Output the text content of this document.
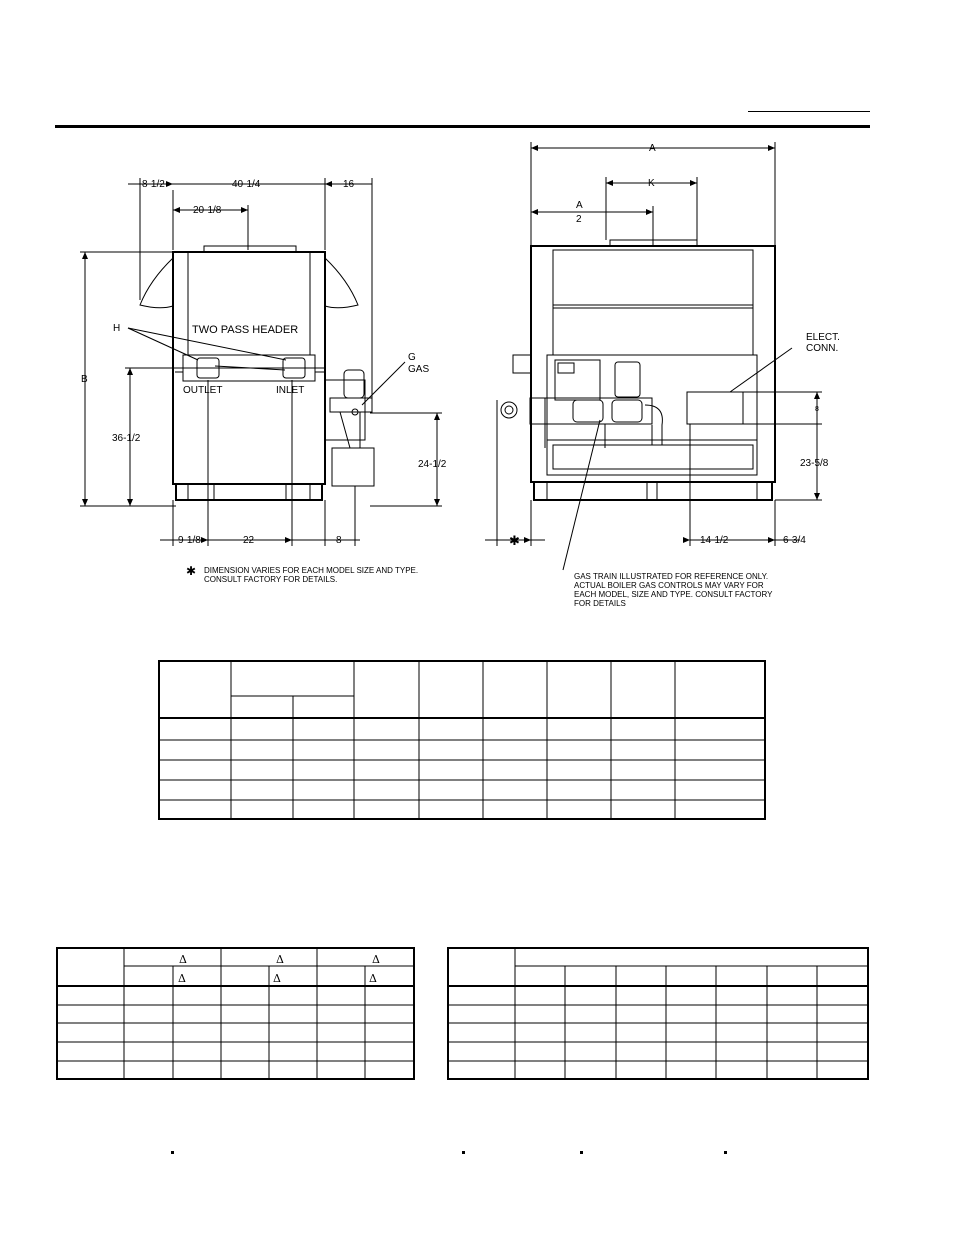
8-1/2	40-1/4	16
20-1/8
H	TWO PASS HEADER
OUTLET	INLET
G
GAS
B
36-1/2
24-1/2
9-1/8	22	8
✱ DIMENSION VARIES FOR EACH MODEL SIZE AND TYPE.
CONSULT FACTORY FOR DETAILS.
A
K
A
2
ELECT.
CONN.
8
23-5/8
14-1/2	6-3/4
✱
GAS TRAIN ILLUSTRATED FOR REFERENCE ONLY.
ACTUAL BOILER GAS CONTROLS MAY VARY FOR
EACH MODEL, SIZE AND TYPE. CONSULT FACTORY
FOR DETAILS
Δ	Δ	Δ
Δ	Δ	Δ
